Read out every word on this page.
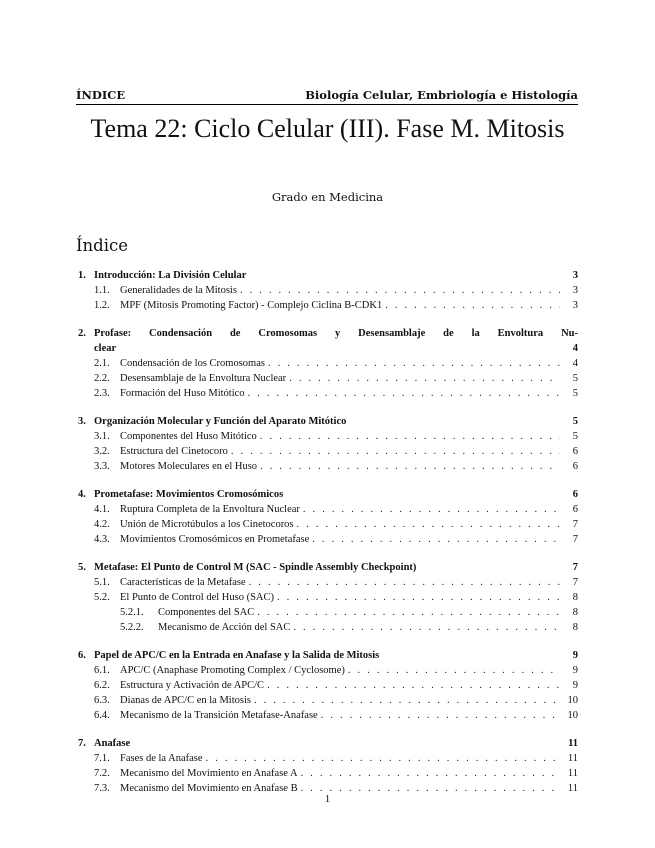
ÍNDICE	Biología Celular, Embriología e Histología
Tema 22: Ciclo Celular (III). Fase M. Mitosis
Grado en Medicina
Índice
1. Introducción: La División Celular	3
1.1. Generalidades de la Mitosis . . .	3
1.2. MPF (Mitosis Promoting Factor) - Complejo Ciclina B-CDK1 . . .	3
2. Profase: Condensación de Cromosomas y Desensamblaje de la Envoltura Nu-
clear	4
2.1. Condensación de los Cromosomas . . .	4
2.2. Desensamblaje de la Envoltura Nuclear . . .	5
2.3. Formación del Huso Mitótico . . .	5
3. Organización Molecular y Función del Aparato Mitótico	5
3.1. Componentes del Huso Mitótico . . .	5
3.2. Estructura del Cinetocoro . . .	6
3.3. Motores Moleculares en el Huso . . .	6
4. Prometafase: Movimientos Cromosómicos	6
4.1. Ruptura Completa de la Envoltura Nuclear . . .	6
4.2. Unión de Microtúbulos a los Cinetocoros . . .	7
4.3. Movimientos Cromosómicos en Prometafase . . .	7
5. Metafase: El Punto de Control M (SAC - Spindle Assembly Checkpoint)	7
5.1. Características de la Metafase . . .	7
5.2. El Punto de Control del Huso (SAC) . . .	8
5.2.1.	Componentes del SAC . . .	8
5.2.2.	Mecanismo de Acción del SAC . . .	8
6. Papel de APC/C en la Entrada en Anafase y la Salida de Mitosis	9
6.1. APC/C (Anaphase Promoting Complex / Cyclosome) . . .	9
6.2. Estructura y Activación de APC/C . . .	9
6.3. Dianas de APC/C en la Mitosis . . .	10
6.4. Mecanismo de la Transición Metafase-Anafase . . .	10
7. Anafase	11
7.1. Fases de la Anafase . . .	11
7.2. Mecanismo del Movimiento en Anafase A . . .	11
7.3. Mecanismo del Movimiento en Anafase B . . .	11
1
